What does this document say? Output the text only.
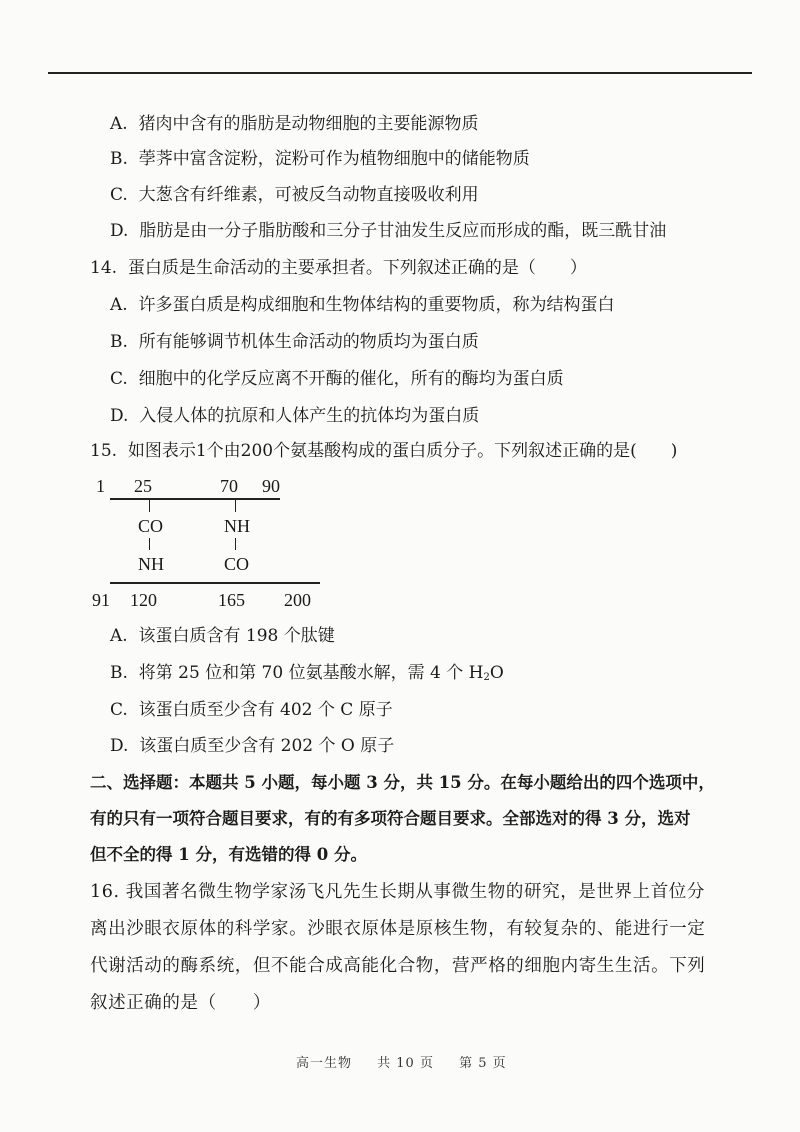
A. 猪肉中含有的脂肪是动物细胞的主要能源物质
B. 荸荠中富含淀粉，淀粉可作为植物细胞中的储能物质
C. 大葱含有纤维素，可被反刍动物直接吸收利用
D. 脂肪是由一分子脂肪酸和三分子甘油发生反应而形成的酯，既三酰甘油
14. 蛋白质是生命活动的主要承担者。下列叙述正确的是（　　）
A. 许多蛋白质是构成细胞和生物体结构的重要物质，称为结构蛋白
B. 所有能够调节机体生命活动的物质均为蛋白质
C. 细胞中的化学反应离不开酶的催化，所有的酶均为蛋白质
D. 入侵人体的抗原和人体产生的抗体均为蛋白质
15. 如图表示1个由200个氨基酸构成的蛋白质分子。下列叙述正确的是(　　)
1 25	70 90
CO	NH
NH	CO
91 120	165 200
A. 该蛋白质含有 198 个肽键
B. 将第 25 位和第 70 位氨基酸水解，需 4 个 $H_2O$
C. 该蛋白质至少含有 402 个 C 原子
D. 该蛋白质至少含有 202 个 O 原子
二、选择题：本题共 5 小题，每小题 3 分，共 15 分。在每小题给出的四个选项中，
有的只有一项符合题目要求，有的有多项符合题目要求。全部选对的得 3 分，选对
但不全的得 1 分，有选错的得 0 分。
16. 我国著名微生物学家汤飞凡先生长期从事微生物的研究，是世界上首位分
离出沙眼衣原体的科学家。沙眼衣原体是原核生物，有较复杂的、能进行一定
代谢活动的酶系统，但不能合成高能化合物，营严格的细胞内寄生生活。下列
叙述正确的是（　　）
高一生物 共 10 页 第 5 页
